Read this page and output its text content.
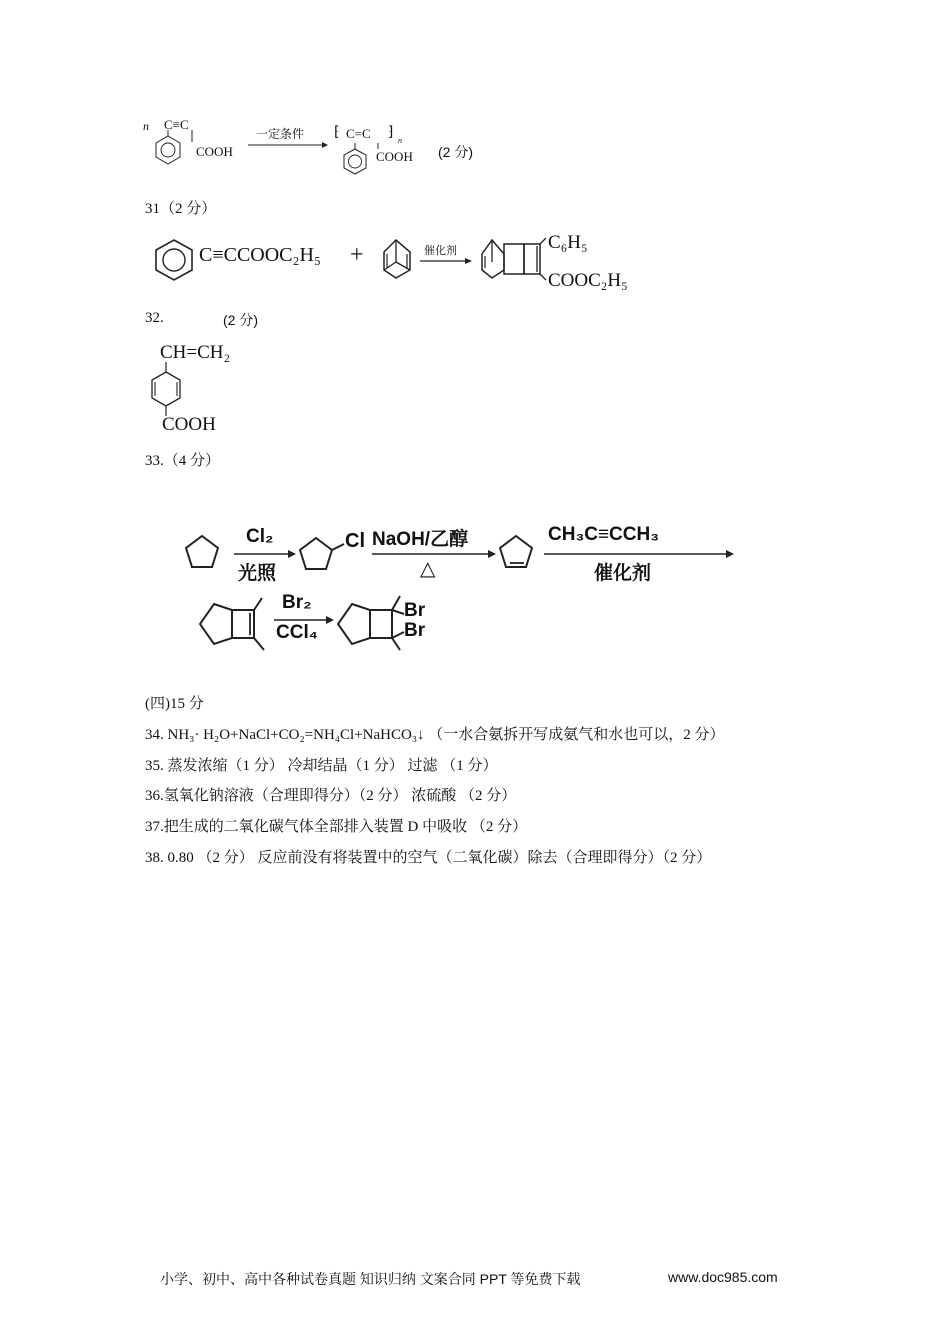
n C≡C
COOH
一定条件 ⁅ C=C ⁆
n
COOH (2 分)
31（2 分）
C≡CCOOC₂H₅ +	催化剂	C₆H₅
COOC₂H₅
32.	(2 分)
CH=CH₂
COOH
33.（4 分）
Cl₂
光照
Cl NaOH/乙醇
△
CH₃C≡CCH₃
催化剂
Br₂
CCl₄
Br
Br
(四)15 分
34. NH₃· H₂O+NaCl+CO₂=NH₄Cl+NaHCO₃↓ （一水合氨拆开写成氨气和水也可以，2 分）
35. 蒸发浓缩（1 分） 冷却结晶（1 分） 过滤 （1 分）
36.氢氧化钠溶液（合理即得分）（2 分） 浓硫酸 （2 分）
37.把生成的二氧化碳气体全部排入装置 D 中吸收 （2 分）
38. 0.80 （2 分） 反应前没有将装置中的空气（二氧化碳）除去（合理即得分）（2 分）
小学、初中、高中各种试卷真题 知识归纳 文案合同 PPT 等免费下载	www.doc985.com
